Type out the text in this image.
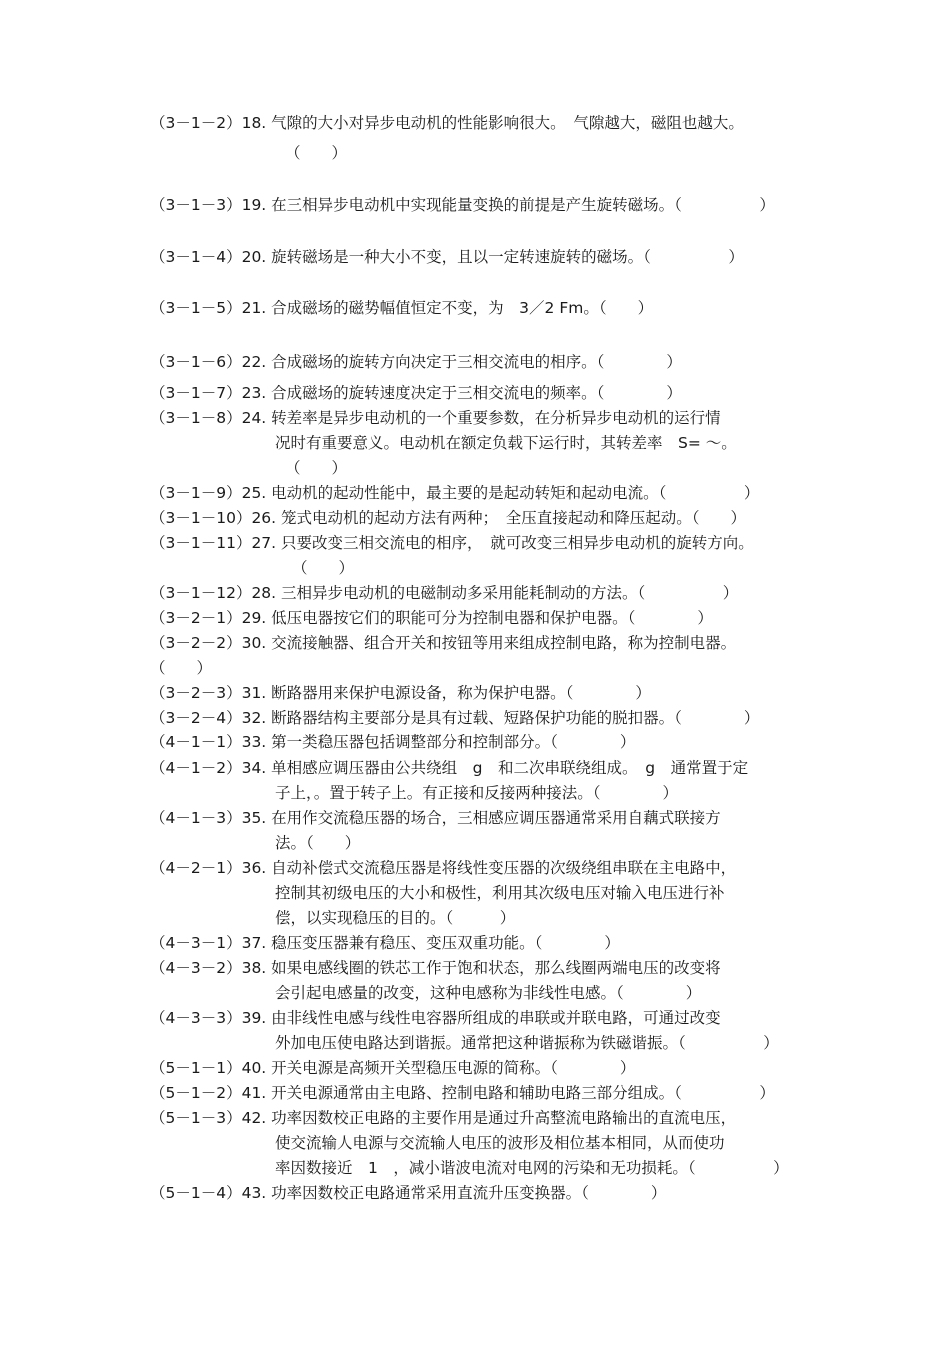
（3－1－2）18. 气隙的大小对异步电动机的性能影响很大。　气隙越大，磁阻也越大。
（　　）
（3－1－3）19. 在三相异步电动机中实现能量变换的前提是产生旋转磁场。（　　　　　）
（3－1－4）20. 旋转磁场是一种大小不变，且以一定转速旋转的磁场。（　　　　　）
（3－1－5）21. 合成磁场的磁势幅值恒定不变，为　3／2 Fm。（　　）
（3－1－6）22. 合成磁场的旋转方向决定于三相交流电的相序。（　　　　）
（3－1－7）23. 合成磁场的旋转速度决定于三相交流电的频率。（　　　　）
（3－1－8）24. 转差率是异步电动机的一个重要参数，在分析异步电动机的运行情
况时有重要意义。电动机在额定负载下运行时，其转差率　S= ～。
（　　）
（3－1－9）25. 电动机的起动性能中，最主要的是起动转矩和起动电流。（　　　　　）
（3－1－10）26. 笼式电动机的起动方法有两种；　全压直接起动和降压起动。（　　）
（3－1－11）27. 只要改变三相交流电的相序，　就可改变三相异步电动机的旋转方向。
（　　）
（3－1－12）28. 三相异步电动机的电磁制动多采用能耗制动的方法。（　　　　　）
（3－2－1）29. 低压电器按它们的职能可分为控制电器和保护电器。（　　　　）
（3－2－2）30. 交流接触器、组合开关和按钮等用来组成控制电路，称为控制电器。
（　　）
（3－2－3）31. 断路器用来保护电源设备，称为保护电器。（　　　　）
（3－2－4）32. 断路器结构主要部分是具有过载、短路保护功能的脱扣器。（　　　　）
（4－1－1）33. 第一类稳压器包括调整部分和控制部分。（　　　　）
（4－1－2）34. 单相感应调压器由公共绕组　g　和二次串联绕组成。　g　通常置于定
子上，。置于转子上。有正接和反接两种接法。（　　　　）
（4－1－3）35. 在用作交流稳压器的场合，三相感应调压器通常采用自藕式联接方
法。（　　）
（4－2－1）36. 自动补偿式交流稳压器是将线性变压器的次级绕组串联在主电路中，
控制其初级电压的大小和极性，利用其次级电压对输入电压进行补
偿，以实现稳压的目的。（　　　）
（4－3－1）37. 稳压变压器兼有稳压、变压双重功能。（　　　　）
（4－3－2）38. 如果电感线圈的铁芯工作于饱和状态，那么线圈两端电压的改变将
会引起电感量的改变，这种电感称为非线性电感。（　　　　）
（4－3－3）39. 由非线性电感与线性电容器所组成的串联或并联电路，可通过改变
外加电压使电路达到谐振。通常把这种谐振称为铁磁谐振。（　　　　　）
（5－1－1）40. 开关电源是高频开关型稳压电源的简称。（　　　　）
（5－1－2）41. 开关电源通常由主电路、控制电路和辅助电路三部分组成。（　　　　　）
（5－1－3）42. 功率因数校正电路的主要作用是通过升高整流电路输出的直流电压，
使交流输人电源与交流输人电压的波形及相位基本相同，从而使功
率因数接近　1　，减小谐波电流对电网的污染和无功损耗。（　　　　　）
（5－1－4）43. 功率因数校正电路通常采用直流升压变换器。（　　　　）
